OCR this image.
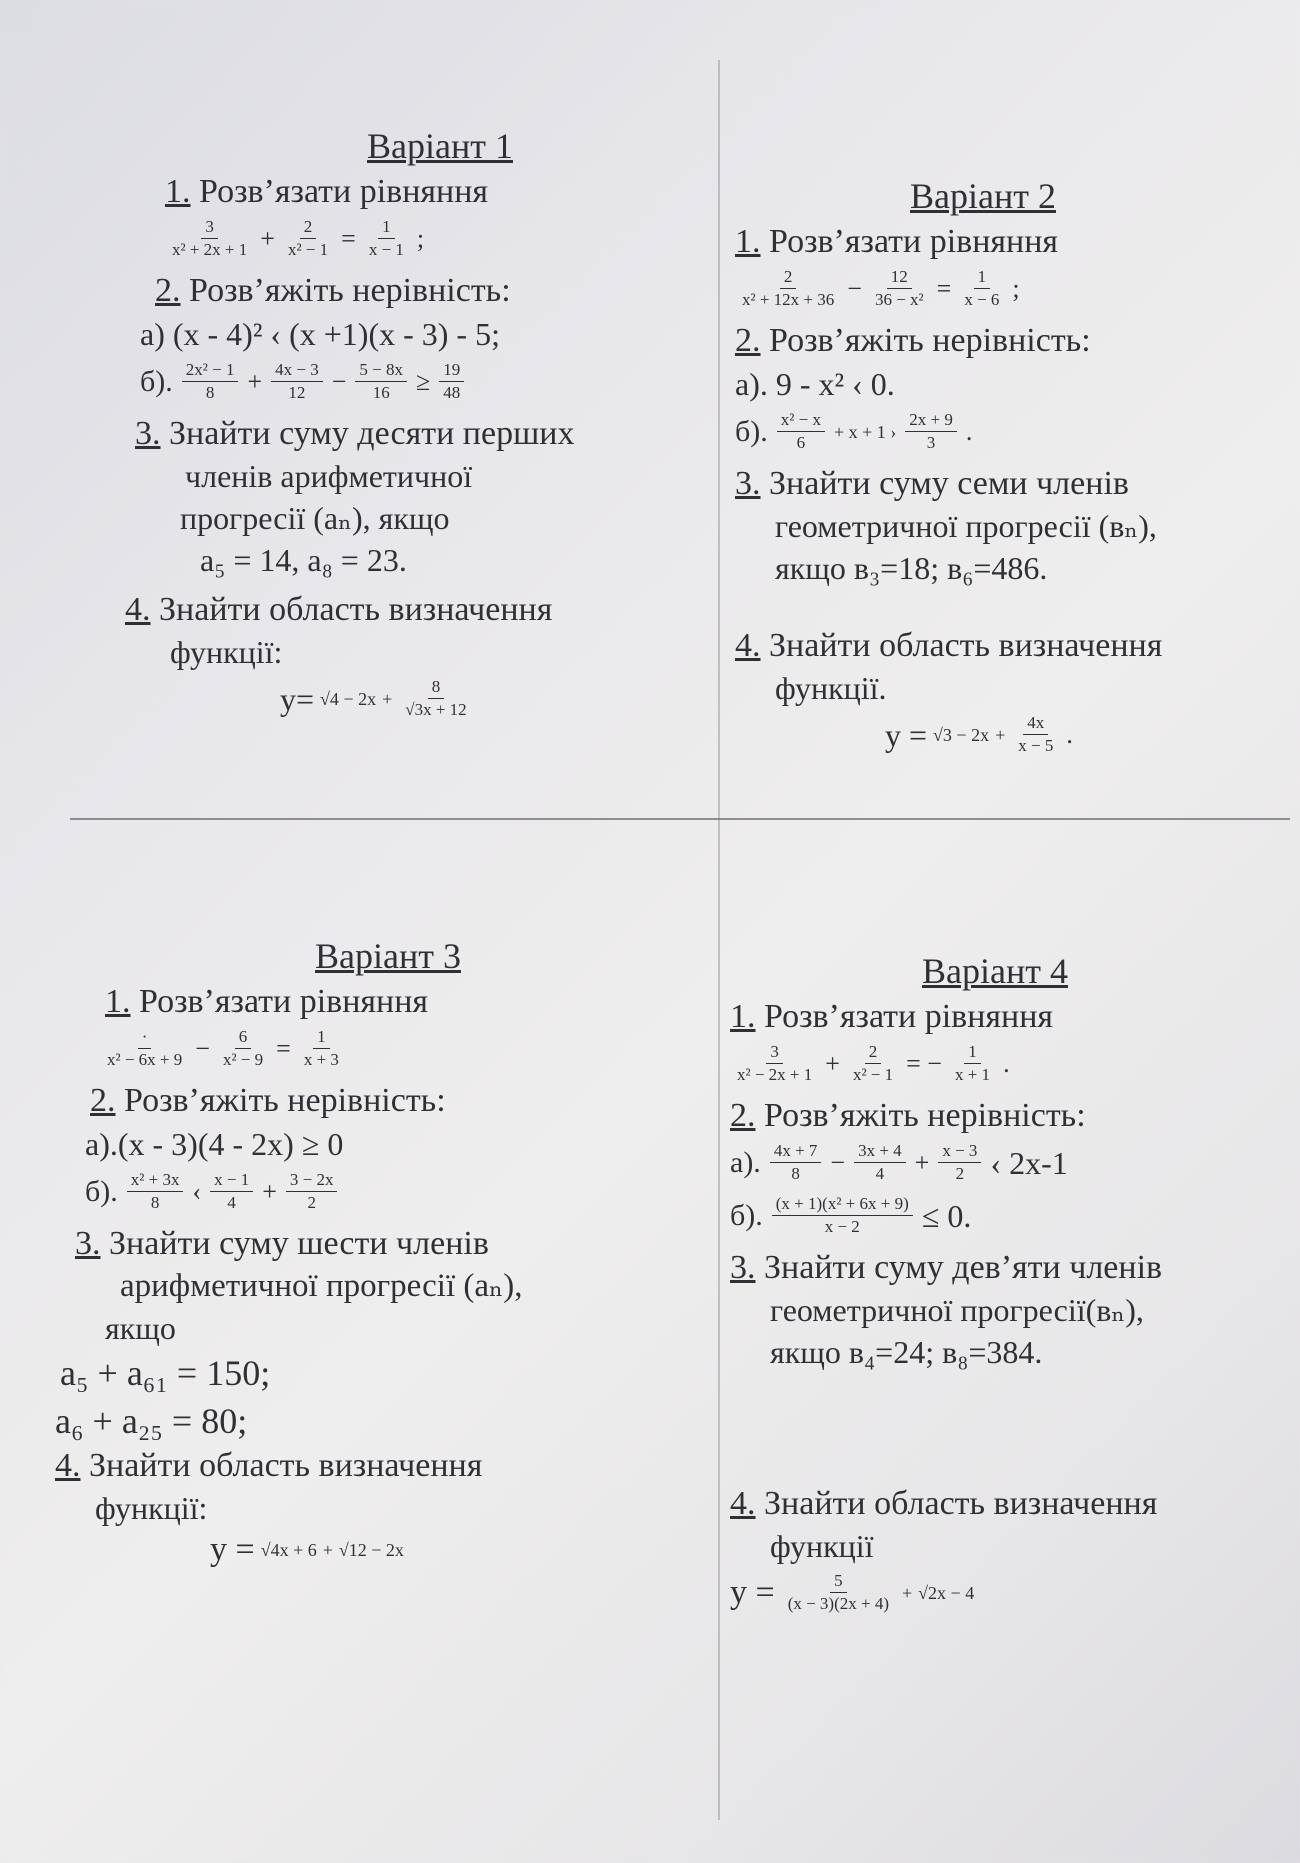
Варіант 1

1. Розв’язати рівняння

$\frac{3}{\text{x² + 2x + 1}} + \frac{2}{\text{x² − 1}} = \frac{1}{x - 1}$ ;

2. Розв’яжіть нерівність:

а) (x - 4)² ‹ (x +1)(x - 3) - 5;
б). $\frac{\text{2x² − 1}}{8} + \frac{4x - 3}{12} - \frac{5 - 8x}{16} \ge \frac{19}{48}$

3. Знайти суму десяти перших

членів арифметичної
прогресії (aₙ), якщо
a₅ = 14, a₈ = 23.

4. Знайти область визначення

функції:
$y= √4 - 2x + \frac{8}{√3x + 12}$
Варіант 2

1. Розв’язати рівняння

$\frac{2}{\text{x² + 12x + 36}} - \frac{12}{\text{36 − x²}} = \frac{1}{x - 6}$ ;

2. Розв’яжіть нерівність:

а). 9 - x² ‹ 0.
б). $\frac{\text{x² − x}}{6} + x + 1$ › $\frac{2x + 9}{3}$ .

3. Знайти суму семи членів

геометричної прогресії (вₙ),
якщо в₃=18; в₆=486.

4. Знайти область визначення

функції.
$y = √3 - 2x + \frac{4x}{x - 5}$ .
Варіант 3

1. Розв’язати рівняння

$\frac{\cdot}{\text{x² − 6x + 9}} - \frac{6}{\text{x² − 9}} = \frac{1}{x + 3}$

2. Розв’яжіть нерівність:

а).(x - 3)(4 - 2x) ≥ 0
б). $\frac{\text{x² + 3x}}{8}$ ‹ $\frac{x - 1}{4} + \frac{3 - 2x}{2}$

3. Знайти суму шести членів

арифметичної прогресії (aₙ),
якщо
a₅ + a₆₁ = 150;
a₆ + a₂₅ = 80;

4. Знайти область визначення

функції:
y = √4x + 6 + √12 − 2x
Варіант 4

1. Розв’язати рівняння

$\frac{3}{\text{x² − 2x + 1}} + \frac{2}{\text{x² − 1}}$ = − $\frac{1}{x + 1}$ .

2. Розв’яжіть нерівність:

а). $\frac{4x + 7}{8} - \frac{3x + 4}{4} + \frac{x - 3}{2}$ ‹ 2x-1
б). $\frac{\text{(x + 1)(x² + 6x + 9)}}{x - 2} \le 0$.

3. Знайти суму дев’яти членів

геометричної прогресії(вₙ),
якщо в₄=24; в₈=384.

4. Знайти область визначення

функції
$y = \frac{5}{(x - 3)(2x + 4)} + √2x - 4$
